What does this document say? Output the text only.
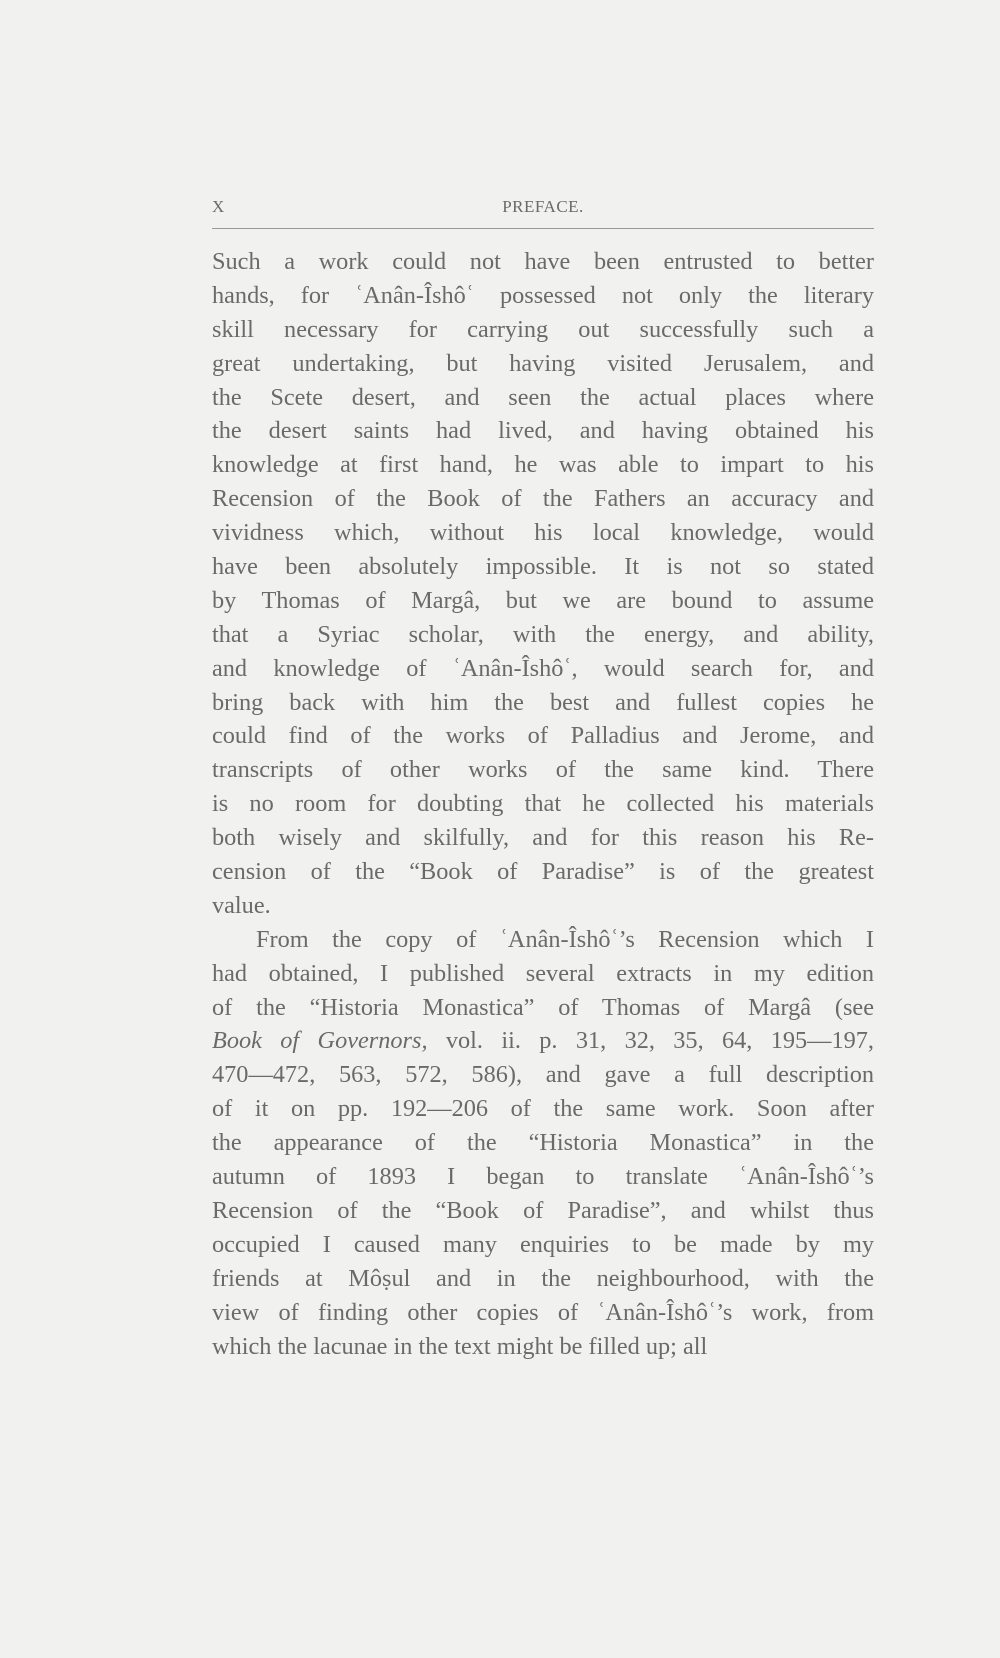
X	PREFACE.
Such a work could not have been entrusted to better
hands, for ʿAnân-Îshôʿ possessed not only the literary
skill necessary for carrying out successfully such a
great undertaking, but having visited Jerusalem, and
the Scete desert, and seen the actual places where
the desert saints had lived, and having obtained his
knowledge at first hand, he was able to impart to his
Recension of the Book of the Fathers an accuracy and
vividness which, without his local knowledge, would
have been absolutely impossible. It is not so stated
by Thomas of Margâ, but we are bound to assume
that a Syriac scholar, with the energy, and ability,
and knowledge of ʿAnân-Îshôʿ, would search for, and
bring back with him the best and fullest copies he
could find of the works of Palladius and Jerome, and
transcripts of other works of the same kind. There
is no room for doubting that he collected his materials
both wisely and skilfully, and for this reason his Re-
cension of the “Book of Paradise” is of the greatest
value.
From the copy of ʿAnân-Îshôʿ’s Recension which I
had obtained, I published several extracts in my edition
of the “Historia Monastica” of Thomas of Margâ (see
Book of Governors, vol. ii. p. 31, 32, 35, 64, 195—197,
470—472, 563, 572, 586), and gave a full description
of it on pp. 192—206 of the same work. Soon after
the appearance of the “Historia Monastica” in the
autumn of 1893 I began to translate ʿAnân-Îshôʿ’s
Recension of the “Book of Paradise”, and whilst thus
occupied I caused many enquiries to be made by my
friends at Môṣul and in the neighbourhood, with the
view of finding other copies of ʿAnân-Îshôʿ’s work, from
which the lacunae in the text might be filled up; all
